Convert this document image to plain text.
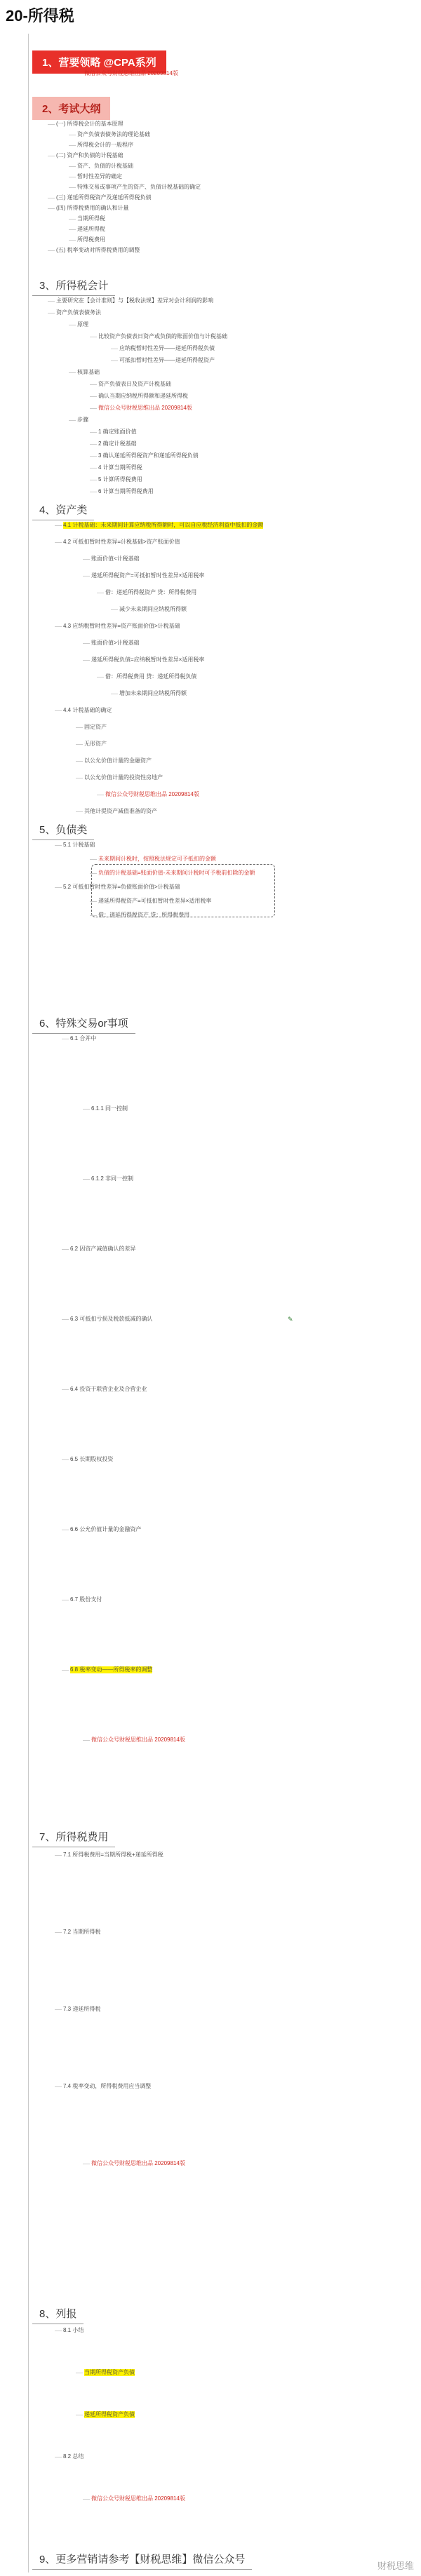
20-所得税
1、营要领略 @CPA系列
微信公众号财税思维出品 20209814版
2、考试大纲
(一) 所得税会计的基本原理
资产负债表债务法的理论基础
所得税会计的一般程序
(二) 资产和负债的计税基础
资产、负债的计税基础
暂时性差异的确定
特殊交易或事项产生的资产、负债计税基础的确定
(三) 递延所得税资产及递延所得税负债
(四) 所得税费用的确认和计量
当期所得税
递延所得税
所得税费用
(五) 税率变动对所得税费用的调整
3、所得税会计
主要研究在【会计准则】与【税收法规】差异对会计利润的影响
资产负债表债务法
原理
比较资产负债表日资产或负债的账面价值与计税基础
应纳税暂时性差异——递延所得税负债
可抵扣暂时性差异——递延所得税资产
核算基础
资产负债表日及资产计税基础
确认当期应纳税所得额和递延所得税
微信公众号财税思维出品 20209814版
步骤
1 确定账面价值
2 确定计税基础
3 确认递延所得税资产和递延所得税负债
4 计算当期所得税
5 计算所得税费用
6 计算当期所得税费用
4、资产类
4.1 计税基础：未来期间计算应纳税所得额时，可以自应税经济利益中抵扣的金额
4.2 可抵扣暂时性差异=计税基础>资产账面价值
账面价值<计税基础
递延所得税资产=可抵扣暂时性差异×适用税率
借：递延所得税资产 贷：所得税费用
减少未来期间应纳税所得额
4.3 应纳税暂时性差异=资产账面价值>计税基础
账面价值>计税基础
递延所得税负债=应纳税暂时性差异×适用税率
借：所得税费用 贷：递延所得税负债
增加未来期间应纳税所得额
4.4 计税基础的确定
固定资产
无形资产
以公允价值计量的金融资产
以公允价值计量的投资性房地产
微信公众号财税思维出品 20209814版
其他计提资产减值准备的资产
5、负债类
5.1 计税基础
未来期间计税时，按照税法规定可予抵扣的金额
负债的计税基础=账面价值-未来期间计税时可予税前扣除的金额
5.2 可抵扣暂时性差异=负债账面价值>计税基础
递延所得税资产=可抵扣暂时性差异×适用税率
借：递延所得税资产 贷：所得税费用
6、特殊交易or事项
✎
6.1 合并中
6.1.1 同一控制
6.1.2 非同一控制
6.2 因资产减值确认的差异
6.3 可抵扣亏损及税款抵减的确认
6.4 投资于联营企业及合营企业
6.5 长期股权投资
6.6 公允价值计量的金融资产
6.7 股份支付
6.8 税率变动——所得税率的调整
微信公众号财税思维出品 20209814版
7、所得税费用
7.1 所得税费用=当期所得税+递延所得税
7.2 当期所得税
7.3 递延所得税
7.4 税率变动，所得税费用应当调整
微信公众号财税思维出品 20209814版
8、列报
8.1 小结
当期所得税资产负债
递延所得税资产负债
8.2 总结
微信公众号财税思维出品 20209814版
9、更多营销请参考【财税思维】微信公众号
财税思维
